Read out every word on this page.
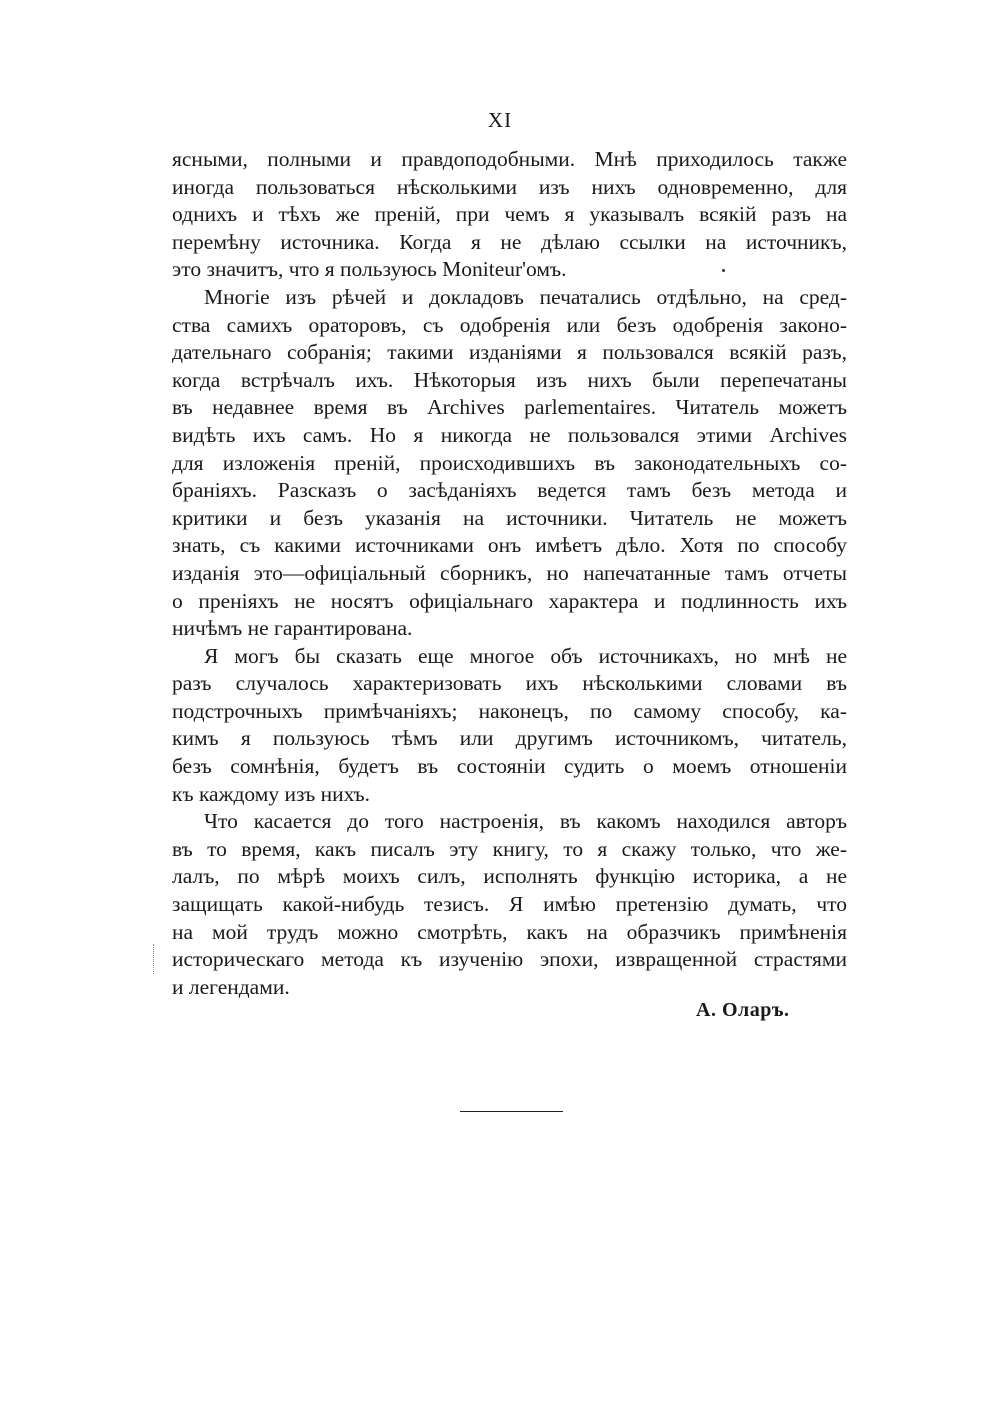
XI
ясными, полными и правдоподобными. Мнѣ приходилось также
иногда пользоваться нѣсколькими изъ нихъ одновременно, для
однихъ и тѣхъ же преній, при чемъ я указывалъ всякій разъ на
перемѣну источника. Когда я не дѣлаю ссылки на источникъ,
это значитъ, что я пользуюсь Moniteur'омъ.
Многіе изъ рѣчей и докладовъ печатались отдѣльно, на сред-
ства самихъ ораторовъ, съ одобренія или безъ одобренія законо-
дательнаго собранія; такими изданіями я пользовался всякій разъ,
когда встрѣчалъ ихъ. Нѣкоторыя изъ нихъ были перепечатаны
въ недавнее время въ Archives parlementaires. Читатель можетъ
видѣть ихъ самъ. Но я никогда не пользовался этими Archives
для изложенія преній, происходившихъ въ законодательныхъ со-
браніяхъ. Разсказъ о засѣданіяхъ ведется тамъ безъ метода и
критики и безъ указанія на источники. Читатель не можетъ
знать, съ какими источниками онъ имѣетъ дѣло. Хотя по способу
изданія это—офиціальный сборникъ, но напечатанные тамъ отчеты
о преніяхъ не носятъ офиціальнаго характера и подлинность ихъ
ничѣмъ не гарантирована.
Я могъ бы сказать еще многое объ источникахъ, но мнѣ не
разъ случалось характеризовать ихъ нѣсколькими словами въ
подстрочныхъ примѣчаніяхъ; наконецъ, по самому способу, ка-
кимъ я пользуюсь тѣмъ или другимъ источникомъ, читатель,
безъ сомнѣнія, будетъ въ состояніи судить о моемъ отношеніи
къ каждому изъ нихъ.
Что касается до того настроенія, въ какомъ находился авторъ
въ то время, какъ писалъ эту книгу, то я скажу только, что же-
лалъ, по мѣрѣ моихъ силъ, исполнять функцію историка, а не
защищать какой-нибудь тезисъ. Я имѣю претензію думать, что
на мой трудъ можно смотрѣть, какъ на образчикъ примѣненія
историческаго метода къ изученію эпохи, извращенной страстями
и легендами.
А. Оларъ.
